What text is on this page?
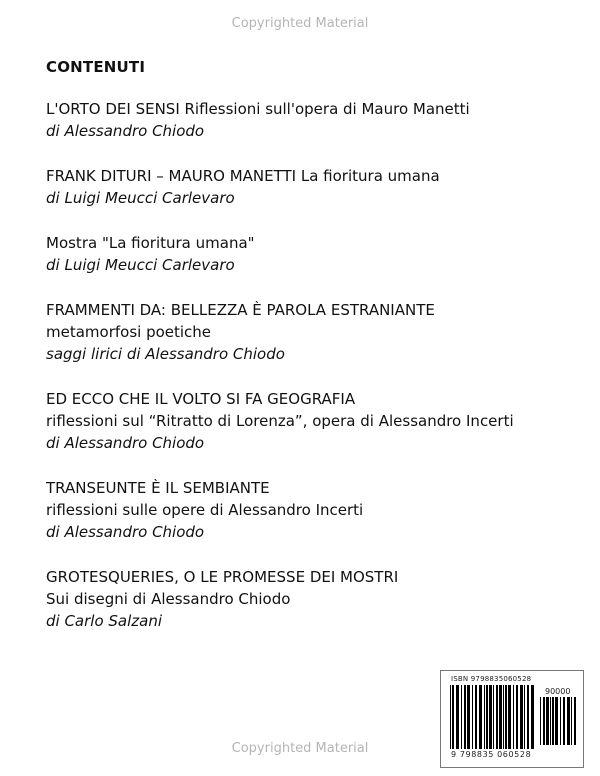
Copyrighted Material
CONTENUTI
L'ORTO DEI SENSI Riflessioni sull'opera di Mauro Manetti
di Alessandro Chiodo
FRANK DITURI – MAURO MANETTI La fioritura umana
di Luigi Meucci Carlevaro
Mostra "La fioritura umana"
di Luigi Meucci Carlevaro
FRAMMENTI DA: BELLEZZA È PAROLA ESTRANIANTE
metamorfosi poetiche
saggi lirici di Alessandro Chiodo
ED ECCO CHE IL VOLTO SI FA GEOGRAFIA
riflessioni sul “Ritratto di Lorenza”, opera di Alessandro Incerti
di Alessandro Chiodo
TRANSEUNTE È IL SEMBIANTE
riflessioni sulle opere di Alessandro Incerti
di Alessandro Chiodo
GROTESQUERIES, O LE PROMESSE DEI MOSTRI
Sui disegni di Alessandro Chiodo
di Carlo Salzani
ISBN 9798835060528
90000
9 798835 060528
Copyrighted Material
